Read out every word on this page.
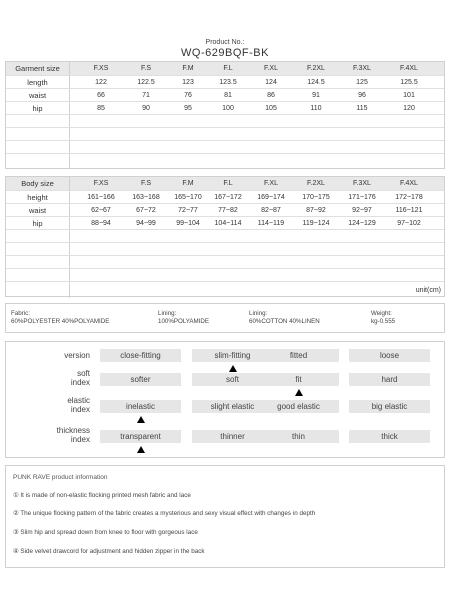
Product No.:
WQ-629BQF-BK
Garment size	F.XS	F.S	F.M	F.L	F.XL	F.2XL	F.3XL	F.4XL
length	122	122.5	123	123.5	124	124.5	125	125.5
waist	66	71	76	81	86	91	96	101
hip	85	90	95	100	105	110	115	120
Body size	F.XS	F.S	F.M	F.L	F.XL	F.2XL	F.3XL	F.4XL
height	161~166	163~168	165~170	167~172	169~174	170~175	171~176	172~178
waist	62~67	67~72	72~77	77~82	82~87	87~92	92~97	116~121
hip	88~94	94~99	99~104	104~114	114~119	119~124	124~129	97~102
unit(cm)
Fabric:
60%POLYESTER 40%POLYAMIDE
Lining:
100%POLYAMIDE
Lining:
60%COTTON 40%LINEN
Weight:
kg-0.555
version	close-fitting	slim-fitting	fitted	loose
soft
index	softer	soft	fit	hard
elastic
index	inelastic	slight elastic	good elastic	big elastic
thickness
index	transparent	thinner	thin	thick
PUNK RAVE product information
① It is made of non-elastic flocking printed mesh fabric and lace
② The unique flocking pattern of the fabric creates a mysterious and sexy visual effect with changes in depth
③ Slim hip and spread down from knee to floor with gorgeous lace
④ Side velvet drawcord for adjustment and hidden zipper in the back
